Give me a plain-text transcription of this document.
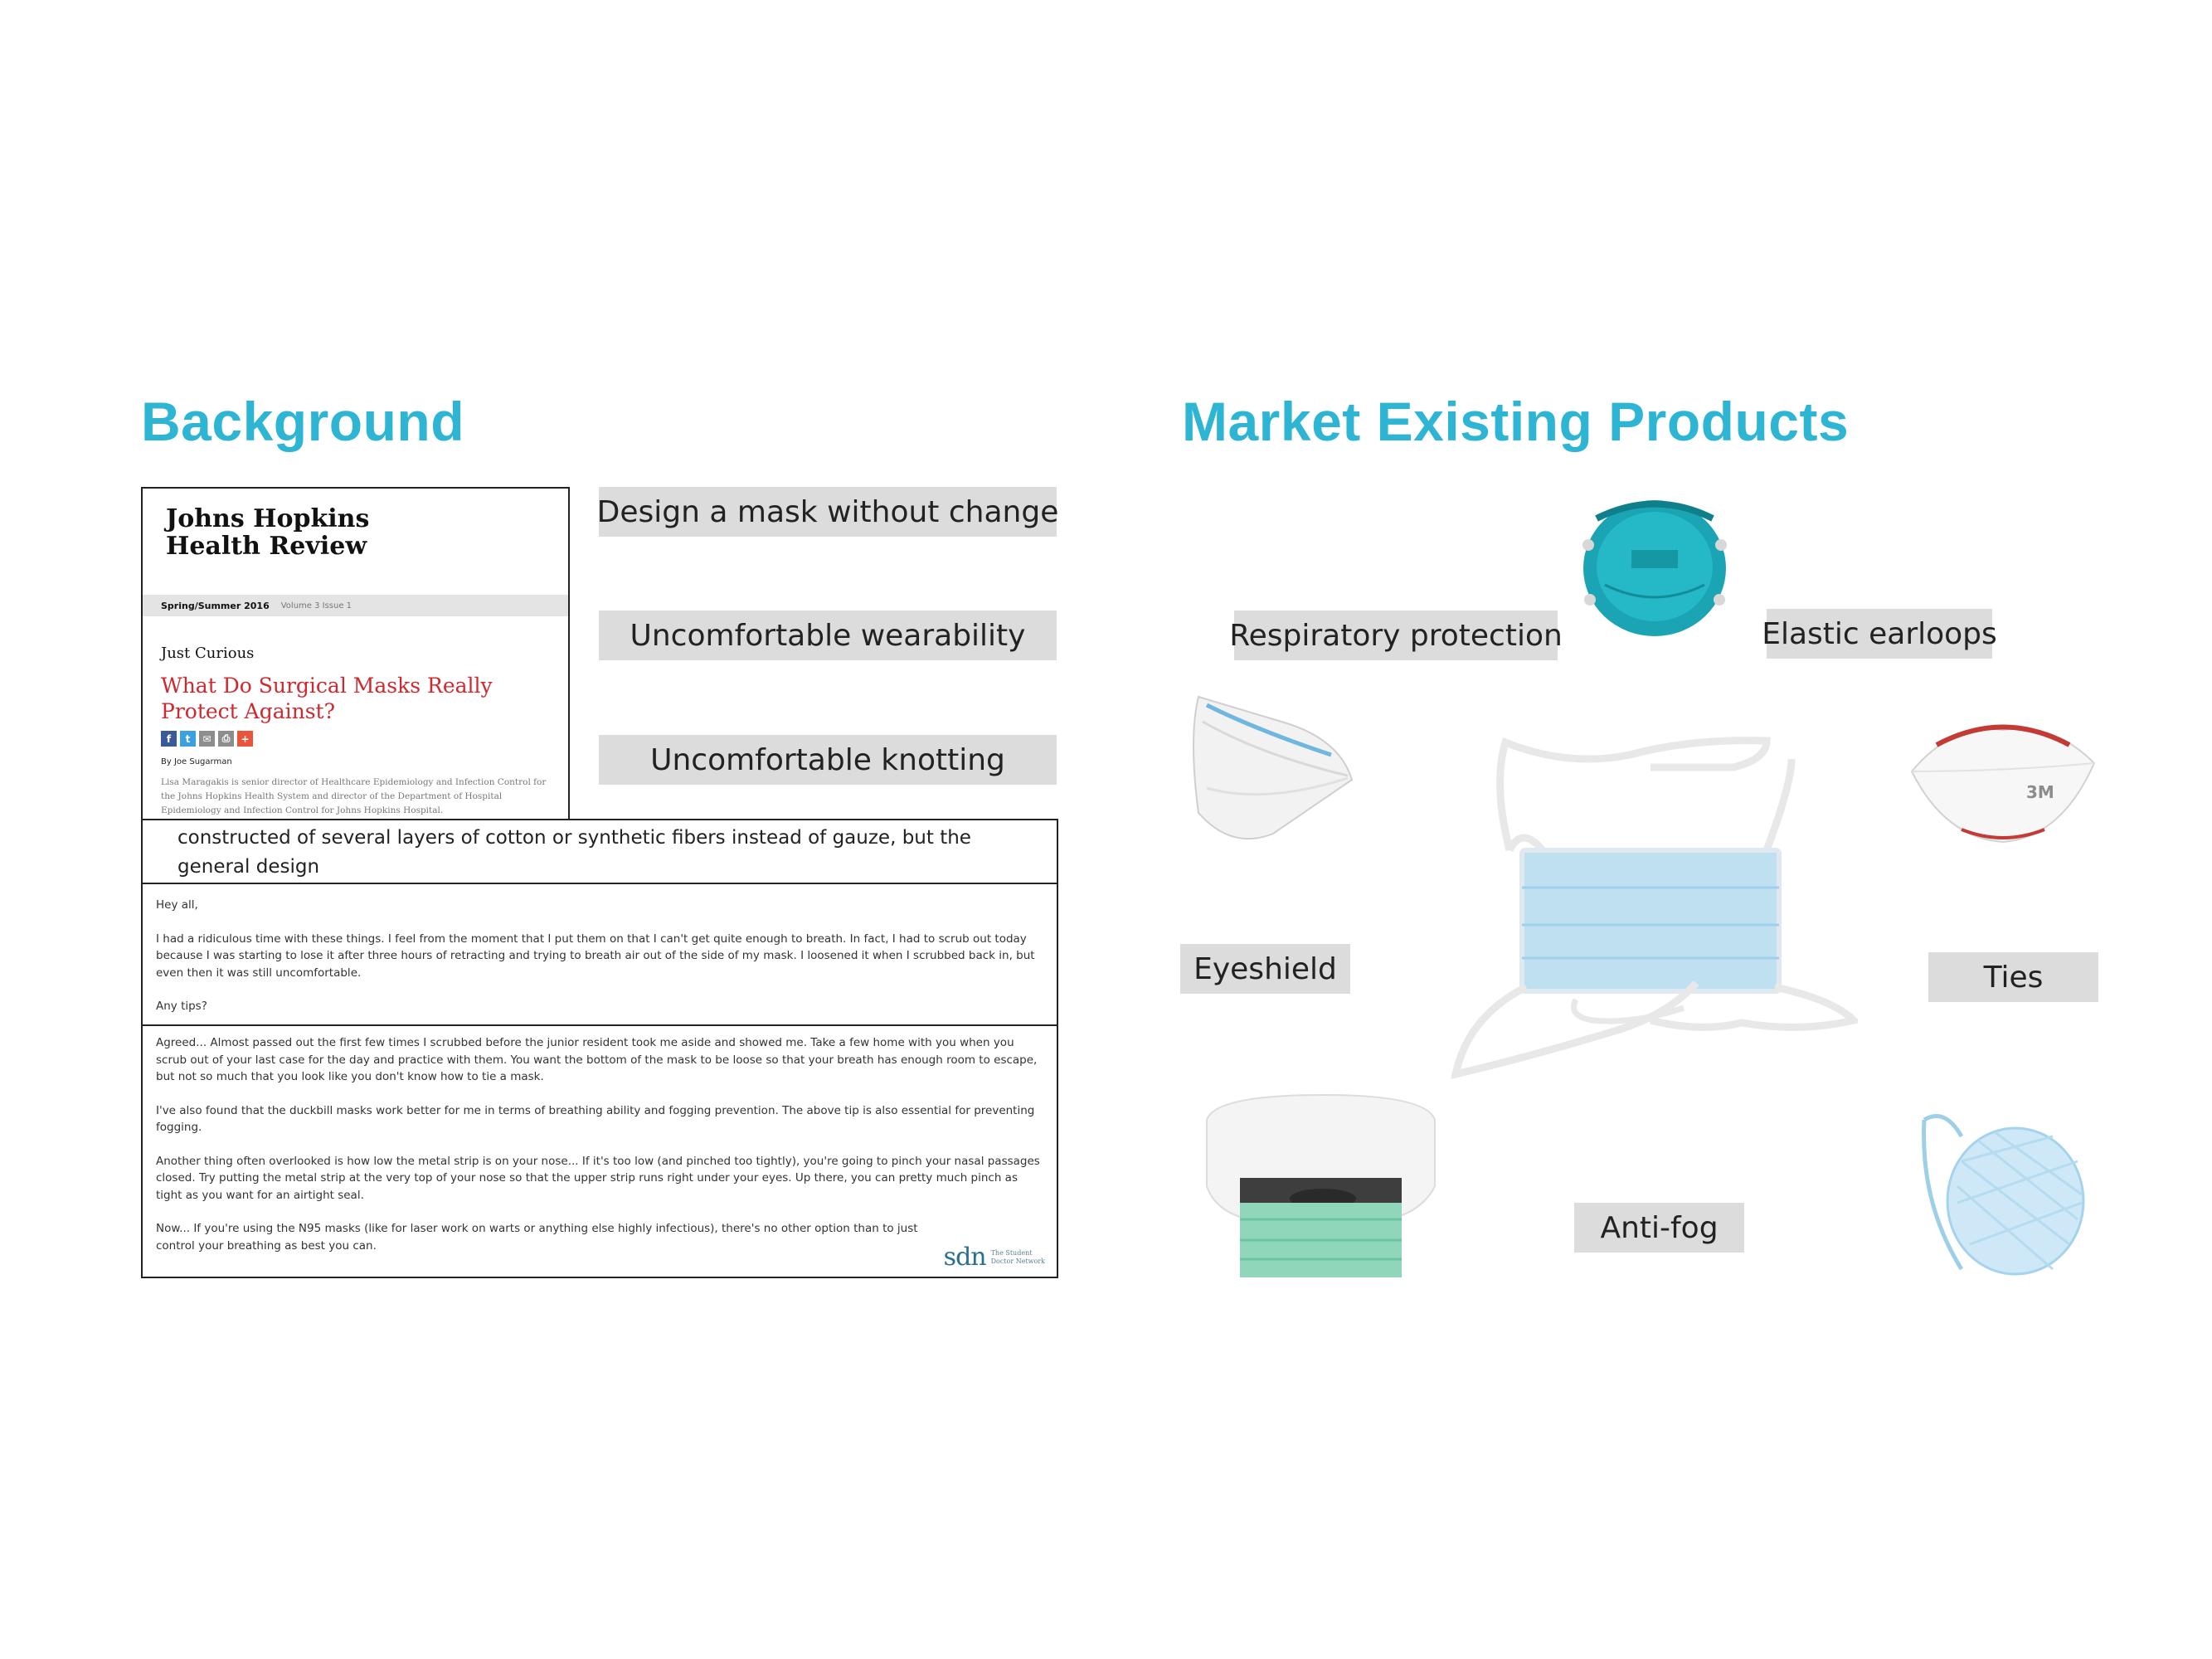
Background	Market Existing Products
Design a mask without change
Uncomfortable wearability
Uncomfortable knotting
Johns Hopkins
Health Review
Spring/Summer 2016 Volume 3 Issue 1
Just Curious
What Do Surgical Masks Really Protect Against?
f	t	✉	⎙	+
By Joe Sugarman
Lisa Maragakis is senior director of Healthcare Epidemiology and Infection Control for the Johns Hopkins Health System and director of the Department of Hospital Epidemiology and Infection Control for Johns Hopkins Hospital.
constructed of several layers of cotton or synthetic fibers instead of gauze, but the general design

Hey all,

I had a ridiculous time with these things. I feel from the moment that I put them on that I can't get quite enough to breath. In fact, I had to scrub out today because I was starting to lose it after three hours of retracting and trying to breath air out of the side of my mask. I loosened it when I scrubbed back in, but even then it was still uncomfortable.

Any tips?

Agreed... Almost passed out the first few times I scrubbed before the junior resident took me aside and showed me. Take a few home with you when you scrub out of your last case for the day and practice with them. You want the bottom of the mask to be loose so that your breath has enough room to escape, but not so much that you look like you don't know how to tie a mask.

I've also found that the duckbill masks work better for me in terms of breathing ability and fogging prevention. The above tip is also essential for preventing fogging.

Another thing often overlooked is how low the metal strip is on your nose... If it's too low (and pinched too tightly), you're going to pinch your nasal passages closed. Try putting the metal strip at the very top of your nose so that the upper strip runs right under your eyes. Up there, you can pretty much pinch as tight as you want for an airtight seal.

Now... If you're using the N95 masks (like for laser work on warts or anything else highly infectious), there's no other option than to just control your breathing as best you can.	sdn The Student
Doctor Network
Respiratory protection	Elastic earloops
Eyeshield	Ties
Anti-fog
3M
